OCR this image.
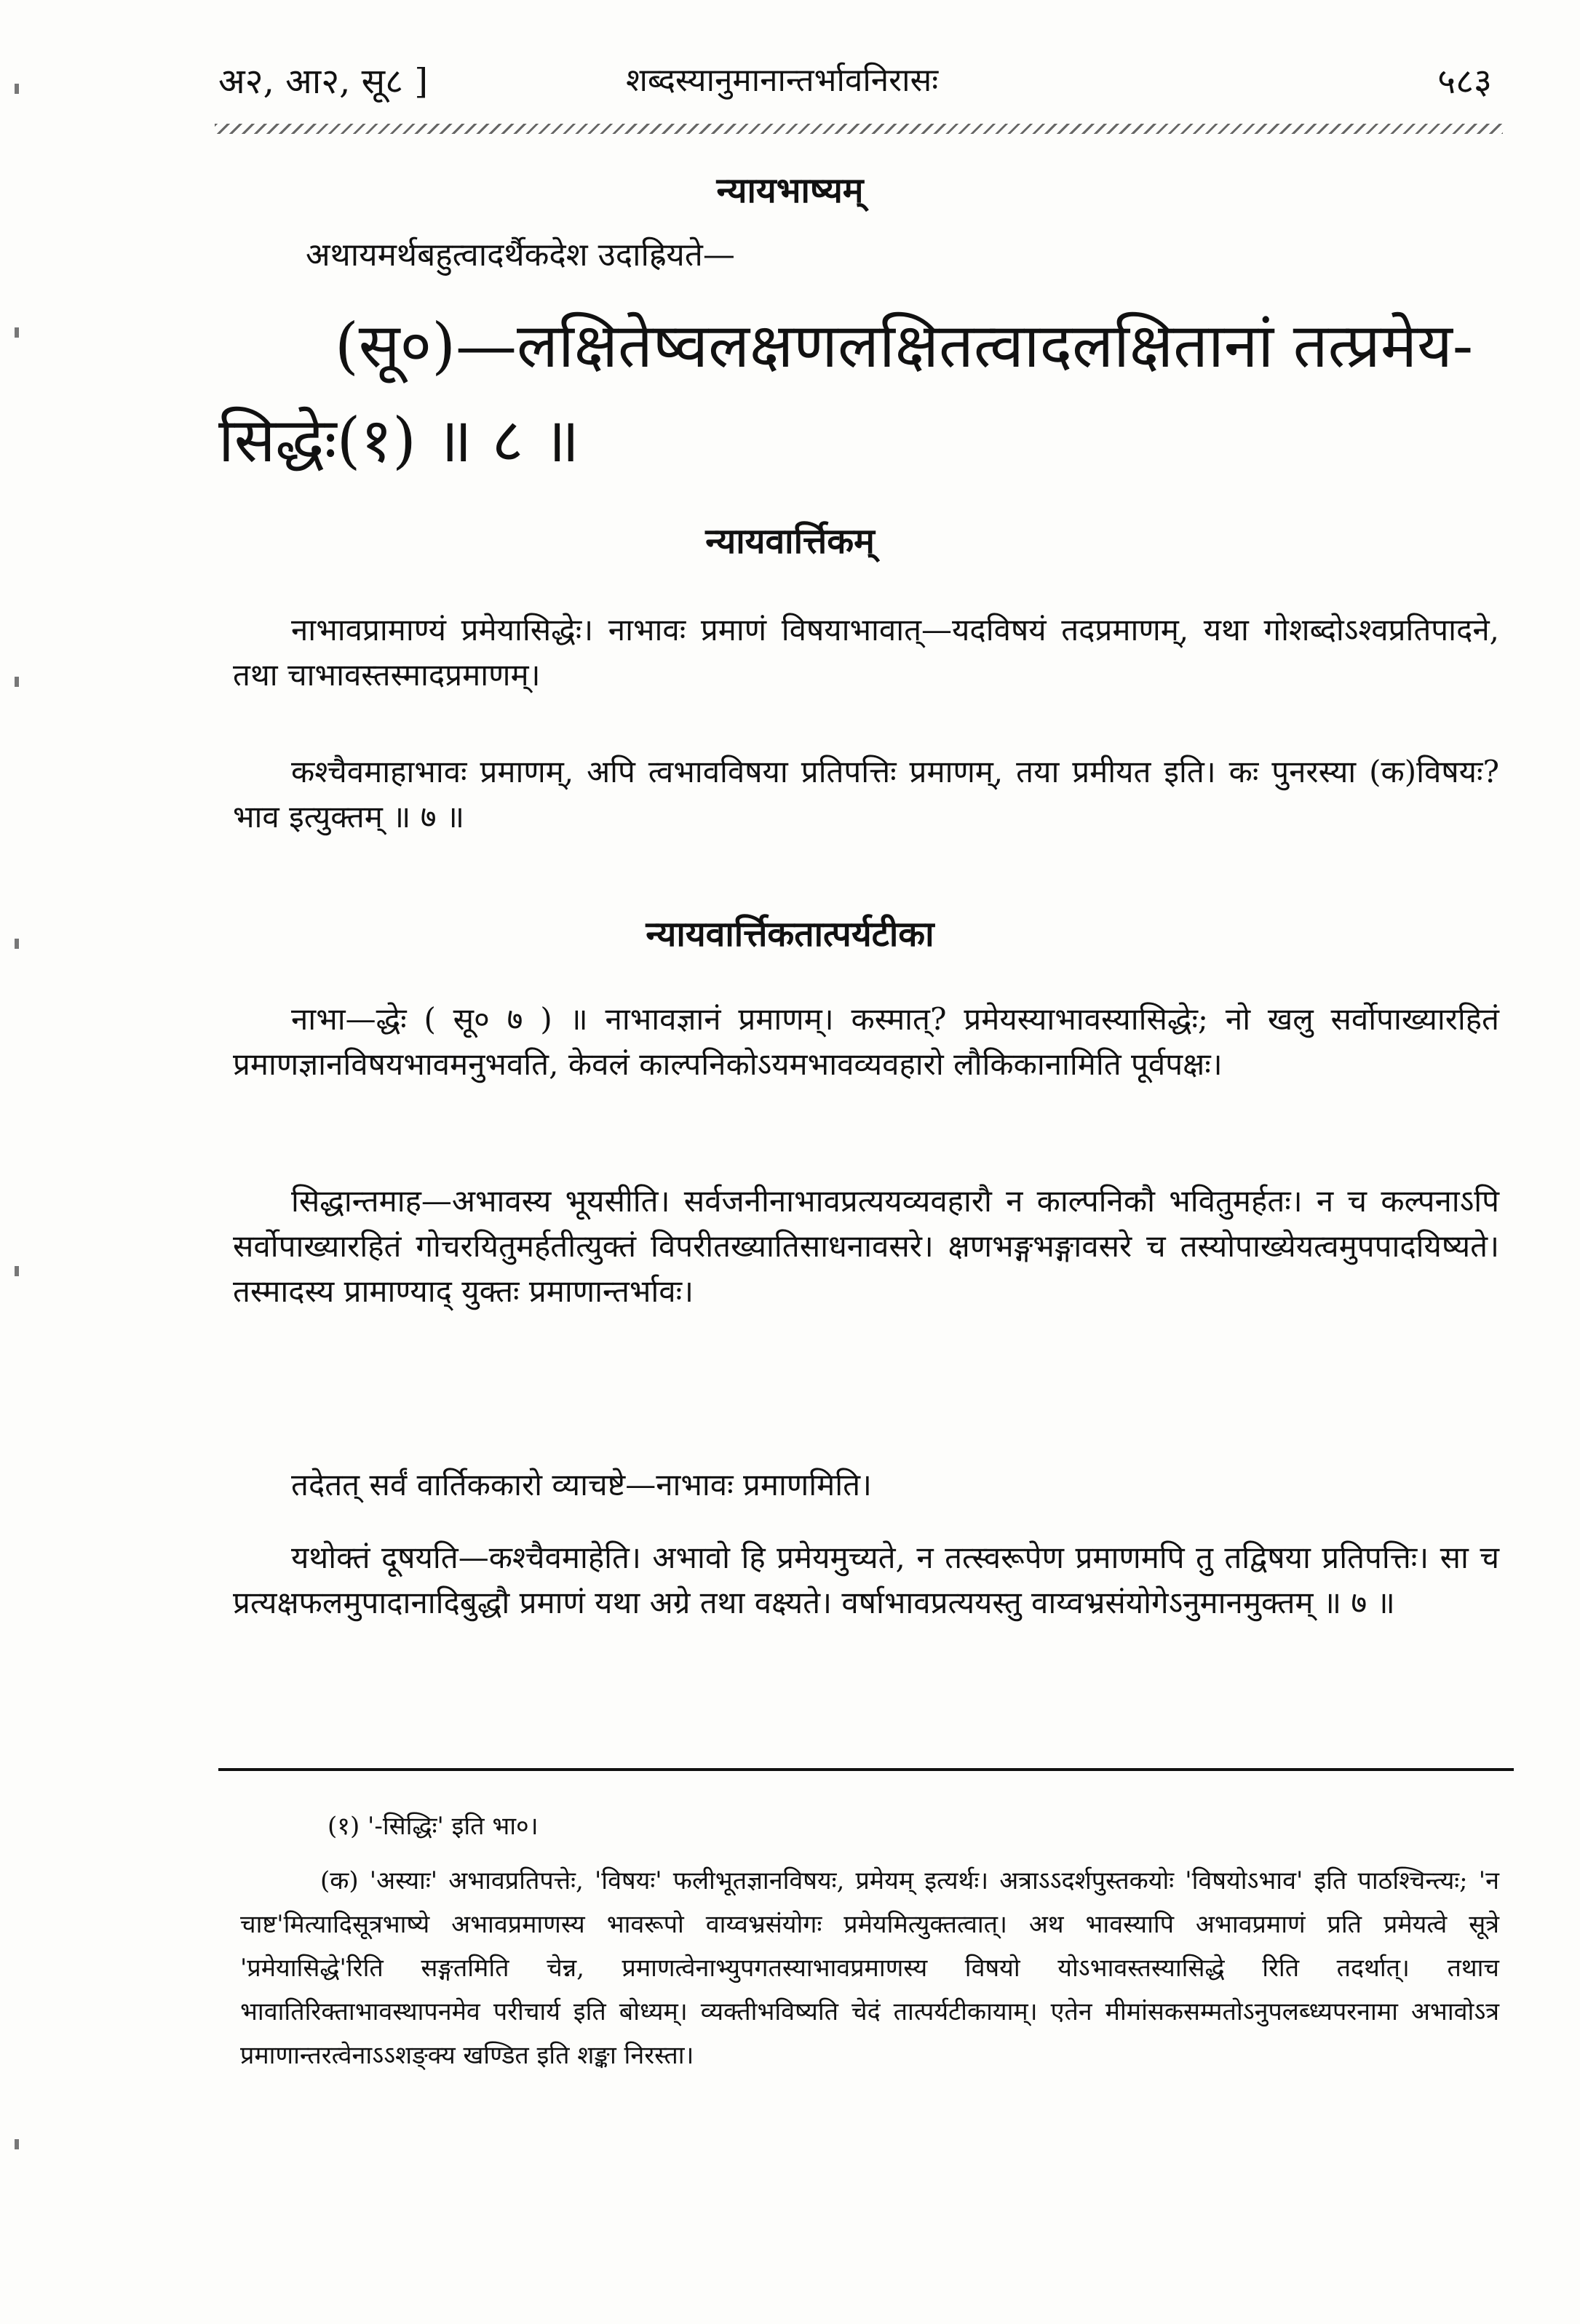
अ२, आ२, सू८ ]	शब्दस्यानुमानान्तर्भावनिरासः	५८३
न्यायभाष्यम्
अथायमर्थबहुत्वादर्थैकदेश उदाह्रियते—
(सू०)—लक्षितेष्वलक्षणलक्षितत्वादलक्षितानां तत्प्रमेय-
सिद्धेः(१) ॥ ८ ॥
न्यायवार्त्तिकम्
नाभावप्रामाण्यं प्रमेयासिद्धेः। नाभावः प्रमाणं विषयाभावात्—यदविषयं तदप्रमाणम्, यथा गोशब्दोऽश्वप्रतिपादने, तथा चाभावस्तस्मादप्रमाणम्।
कश्चैवमाहाभावः प्रमाणम्, अपि त्वभावविषया प्रतिपत्तिः प्रमाणम्, तया प्रमीयत इति। कः पुनरस्या (क)विषयः? भाव इत्युक्तम् ॥ ७ ॥
न्यायवार्त्तिकतात्पर्यटीका
नाभा—द्धेः ( सू० ७ ) ॥ नाभावज्ञानं प्रमाणम्। कस्मात्? प्रमेयस्याभावस्यासिद्धेः; नो खलु सर्वोपाख्यारहितं प्रमाणज्ञानविषयभावमनुभवति, केवलं काल्पनिकोऽयमभावव्यवहारो लौकिकानामिति पूर्वपक्षः।
सिद्धान्तमाह—अभावस्य भूयसीति। सर्वजनीनाभावप्रत्ययव्यवहारौ न काल्पनिकौ भवितुमर्हतः। न च कल्पनाऽपि सर्वोपाख्यारहितं गोचरयितुमर्हतीत्युक्तं विपरीतख्यातिसाधनावसरे। क्षणभङ्गभङ्गावसरे च तस्योपाख्येयत्वमुपपादयिष्यते। तस्मादस्य प्रामाण्याद् युक्तः प्रमाणान्तर्भावः।
तदेतत् सर्वं वार्तिककारो व्याचष्टे—नाभावः प्रमाणमिति।
यथोक्तं दूषयति—कश्चैवमाहेति। अभावो हि प्रमेयमुच्यते, न तत्स्वरूपेण प्रमाणमपि तु तद्विषया प्रतिपत्तिः। सा च प्रत्यक्षफलमुपादानादिबुद्धौ प्रमाणं यथा अग्रे तथा वक्ष्यते। वर्षाभावप्रत्ययस्तु वाय्वभ्रसंयोगेऽनुमानमुक्तम् ॥ ७ ॥
(१) '-सिद्धिः' इति भा०।
(क) 'अस्याः' अभावप्रतिपत्तेः, 'विषयः' फलीभूतज्ञानविषयः, प्रमेयम् इत्यर्थः। अत्राऽऽदर्शपुस्तकयोः 'विषयोऽभाव' इति पाठश्चिन्त्यः; 'न चाष्ट'मित्यादिसूत्रभाष्ये अभावप्रमाणस्य भावरूपो वाय्वभ्रसंयोगः प्रमेयमित्युक्तत्वात्। अथ भावस्यापि अभावप्रमाणं प्रति प्रमेयत्वे सूत्रे 'प्रमेयासिद्धे'रिति सङ्गतमिति चेन्न, प्रमाणत्वेनाभ्युपगतस्याभावप्रमाणस्य विषयो योऽभावस्तस्यासिद्धे रिति तदर्थात्। तथाच भावातिरिक्ताभावस्थापनमेव परीचार्य इति बोध्यम्। व्यक्तीभविष्यति चेदं तात्पर्यटीकायाम्। एतेन मीमांसकसम्मतोऽनुपलब्ध्यपरनामा अभावोऽत्र प्रमाणान्तरत्वेनाऽऽशङ्क्य खण्डित इति शङ्का निरस्ता।
